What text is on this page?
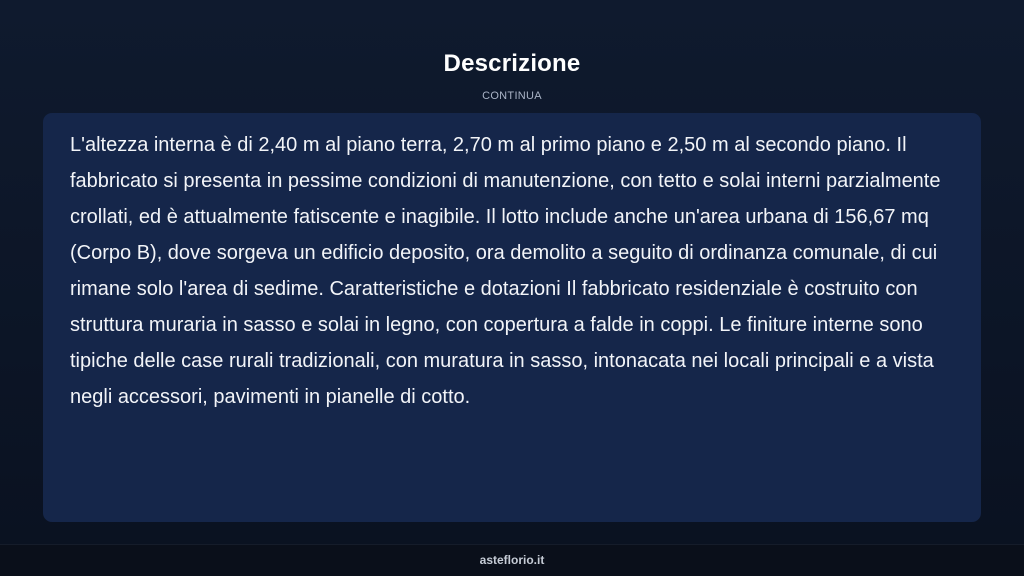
Descrizione
CONTINUA

L'altezza interna è di 2,40 m al piano terra, 2,70 m al primo piano e 2,50 m al secondo piano. Il fabbricato si presenta in pessime condizioni di manutenzione, con tetto e solai interni parzialmente crollati, ed è attualmente fatiscente e inagibile. Il lotto include anche un'area urbana di 156,67 mq (Corpo B), dove sorgeva un edificio deposito, ora demolito a seguito di ordinanza comunale, di cui rimane solo l'area di sedime. Caratteristiche e dotazioni Il fabbricato residenziale è costruito con struttura muraria in sasso e solai in legno, con copertura a falde in coppi. Le finiture interne sono tipiche delle case rurali tradizionali, con muratura in sasso, intonacata nei locali principali e a vista negli accessori, pavimenti in pianelle di cotto.

asteflorio.it
